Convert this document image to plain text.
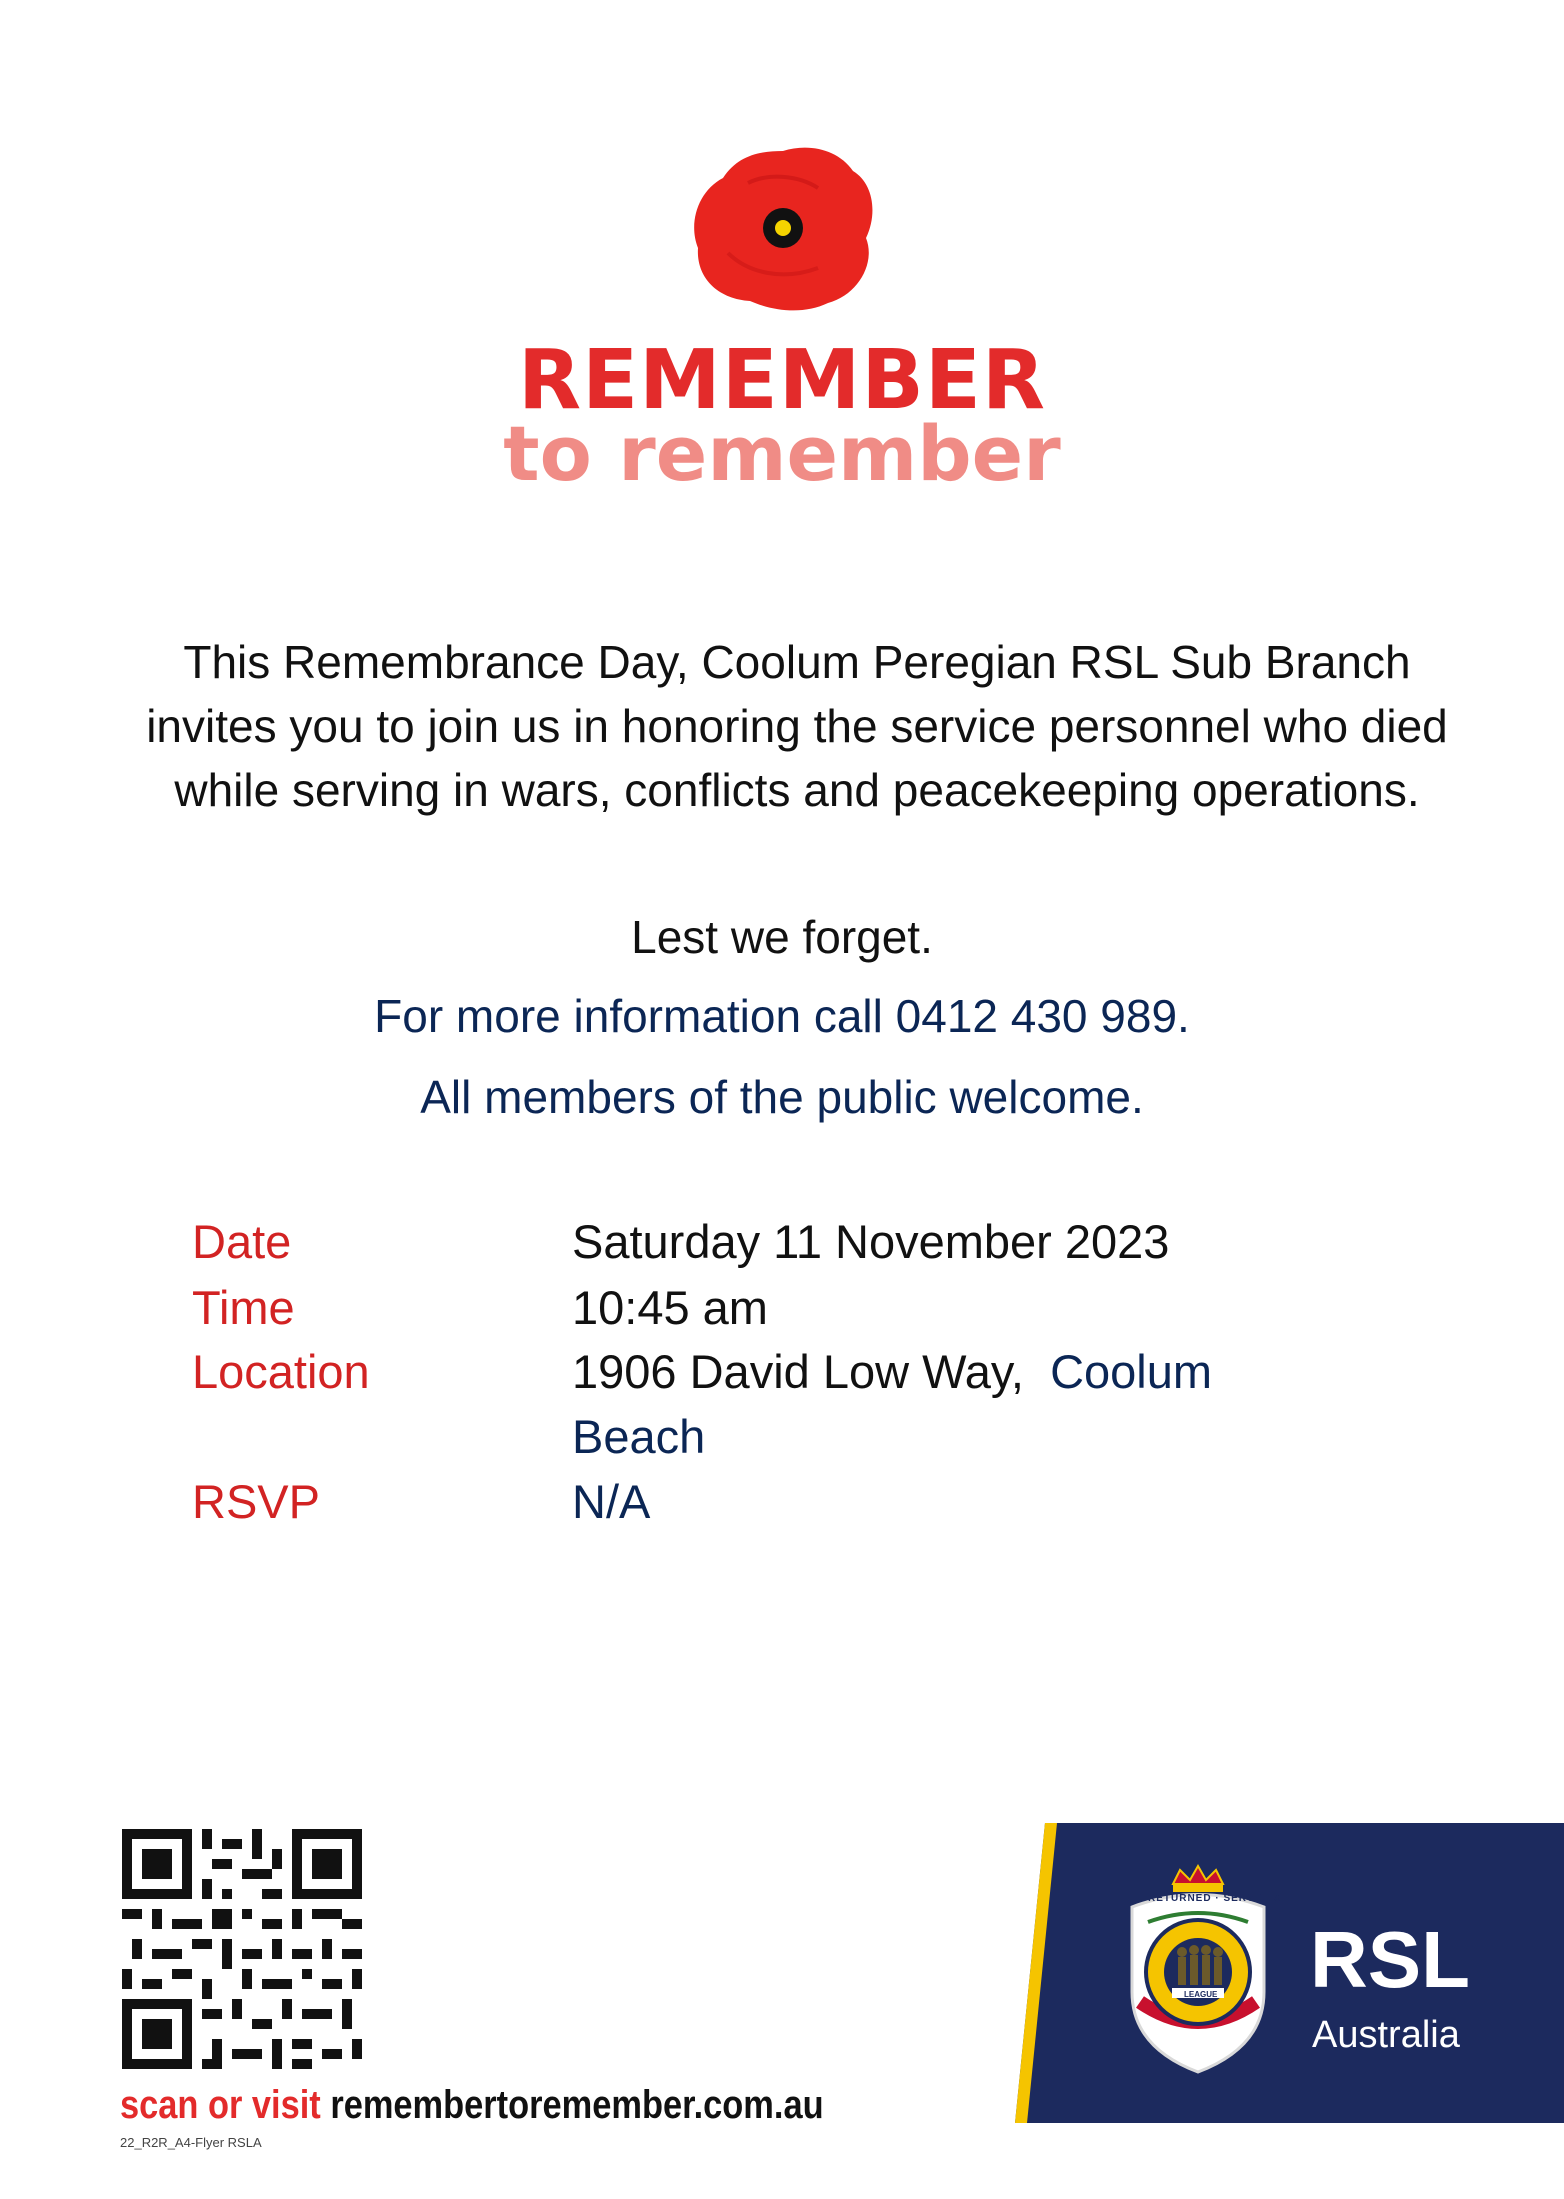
REMEMBER
to remember
This Remembrance Day, Coolum Peregian RSL Sub Branch invites you to join us in honoring the service personnel who died while serving in wars, conflicts and peacekeeping operations.
Lest we forget.
For more information call 0412 430 989.
All members of the public welcome.
Date	Saturday 11 November 2023
Time	10:45 am
Location	1906 David Low Way, Coolum
Beach
RSVP	N/A
scan or visit remembertoremember.com.au
22_R2R_A4-Flyer RSLA
RETURNED · SERVICES
LEAGUE
AUSTRALIA
RSL
Australia
